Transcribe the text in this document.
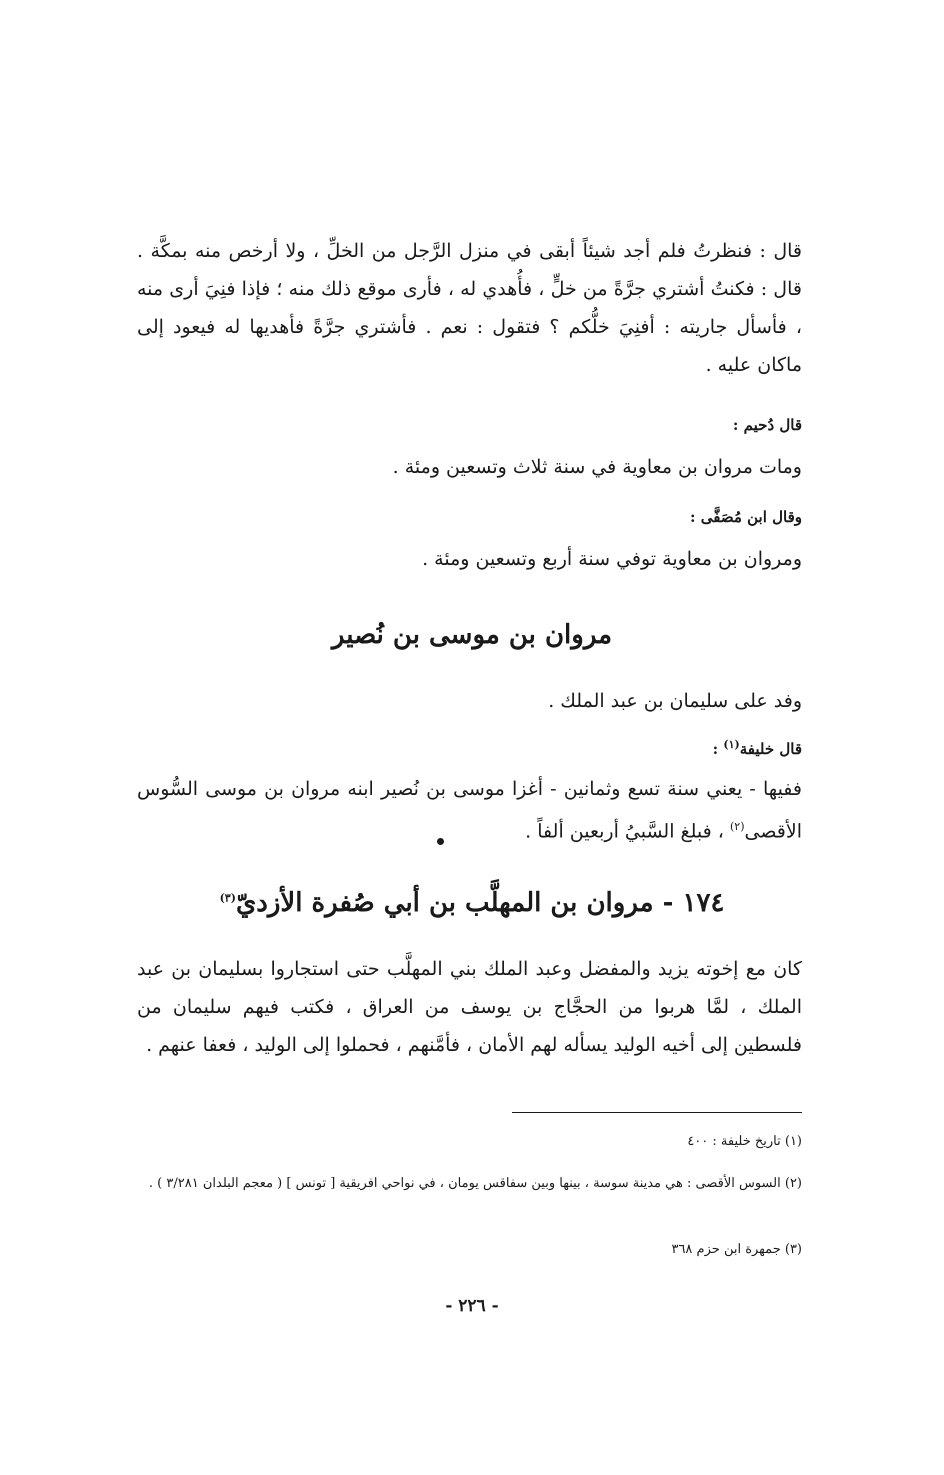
قال : فنظرتُ فلم أجد شيئاً أبقى في منزل الرَّجل من الخلِّ ، ولا أرخص منه بمكَّة . قال : فكنتُ أشتري جرَّةً من خلٍّ ، فأُهدي له ، فأرى موقع ذلك منه ؛ فإذا فنِيَ أرى منه ، فأسأل جاريته : أفنِيَ خلُّكم ؟ فتقول : نعم . فأشتري جرَّةً فأهديها له فيعود إلى ماكان عليه .

قال دُحيم :

ومات مروان بن معاوية في سنة ثلاث وتسعين ومئة .

وقال ابن مُصَفَّى :

ومروان بن معاوية توفي سنة أربع وتسعين ومئة .

مروان بن موسى بن نُصير

وفد على سليمان بن عبد الملك .

قال خليفة$^{(١)}$ :

ففيها - يعني سنة تسع وثمانين - أغزا موسى بن نُصير ابنه مروان بن موسى السُّوس الأقصى$^{(٢)}$ ، فبلغ السَّبيُ أربعين ألفاً .

١٧٤ - مروان بن المهلَّب بن أبي صُفرة الأزديّ$^{(٣)}$

كان مع إخوته يزيد والمفضل وعبد الملك بني المهلَّب حتى استجاروا بسليمان بن عبد الملك ، لمَّا هربوا من الحجَّاج بن يوسف من العراق ، فكتب فيهم سليمان من فلسطين إلى أخيه الوليد يسأله لهم الأمان ، فأمَّنهم ، فحملوا إلى الوليد ، فعفا عنهم .

(١) تاريخ خليفة : ٤٠٠

(٢) السوس الأقصى : هي مدينة سوسة ، بينها وبين سفاقس يومان ، في نواحي افريقية [ تونس ] ( معجم البلدان ٣/٢٨١ ) .

(٣) جمهرة ابن حزم ٣٦٨

- ٢٢٦ -
